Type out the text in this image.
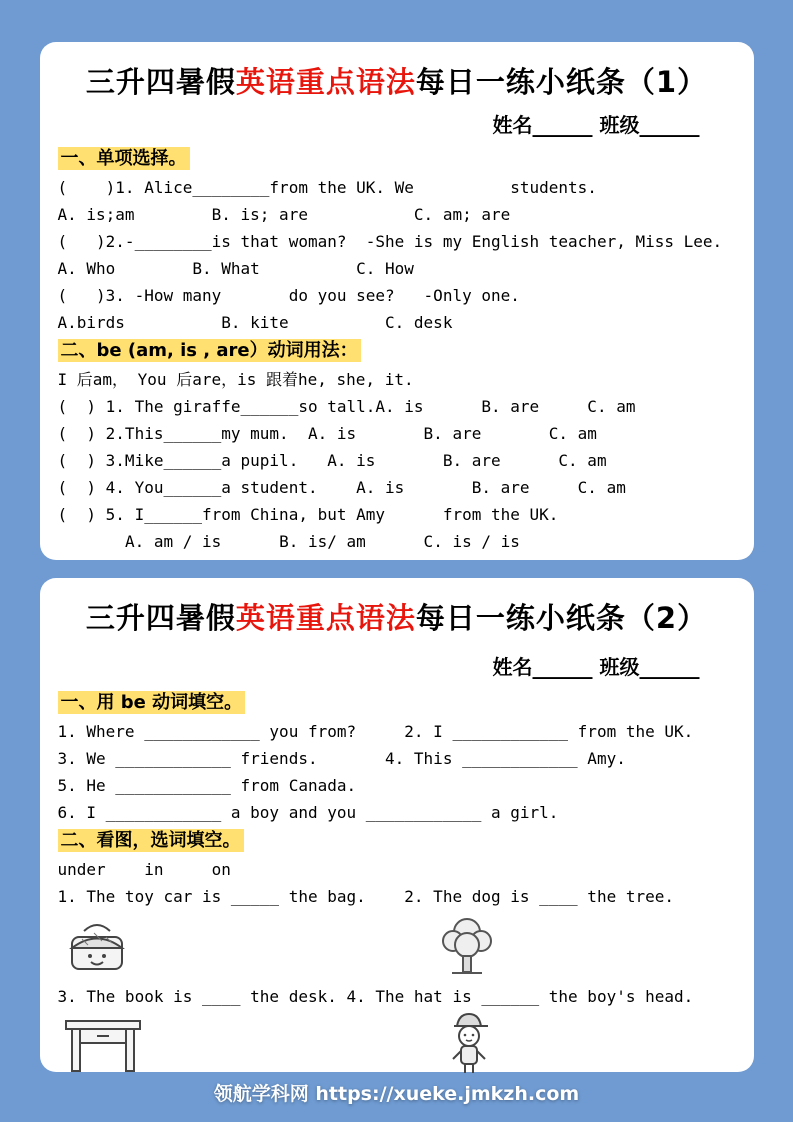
三升四暑假英语重点语法每日一练小纸条（1）
姓名______ 班级______
一、单项选择。
(    )1. Alice________from the UK. We          students.
A. is;am        B. is; are           C. am; are
(   )2.-________is that woman?  -She is my English teacher, Miss Lee.
A. Who        B. What          C. How
(   )3. -How many       do you see?   -Only one.
A.birds          B. kite          C. desk
二、be (am, is , are）动词用法：
I 后am， You 后are，is 跟着he, she, it.
(  ) 1. The giraffe______so tall.A. is      B. are     C. am
(  ) 2.This______my mum.  A. is       B. are       C. am
(  ) 3.Mike______a pupil.   A. is       B. are      C. am
(  ) 4. You______a student.    A. is       B. are     C. am
(  ) 5. I______from China, but Amy      from the UK.
A. am / is      B. is/ am      C. is / is
三升四暑假英语重点语法每日一练小纸条（2）
姓名______ 班级______
一、用 be 动词填空。
1. Where ____________ you from?     2. I ____________ from the UK.
3. We ____________ friends.       4. This ____________ Amy.
5. He ____________ from Canada.
6. I ____________ a boy and you ____________ a girl.
二、看图，选词填空。
under    in     on
1. The toy car is _____ the bag.    2. The dog is ____ the tree.
3. The book is ____ the desk. 4. The hat is ______ the boy's head.
领航学科网 https://xueke.jmkzh.com
